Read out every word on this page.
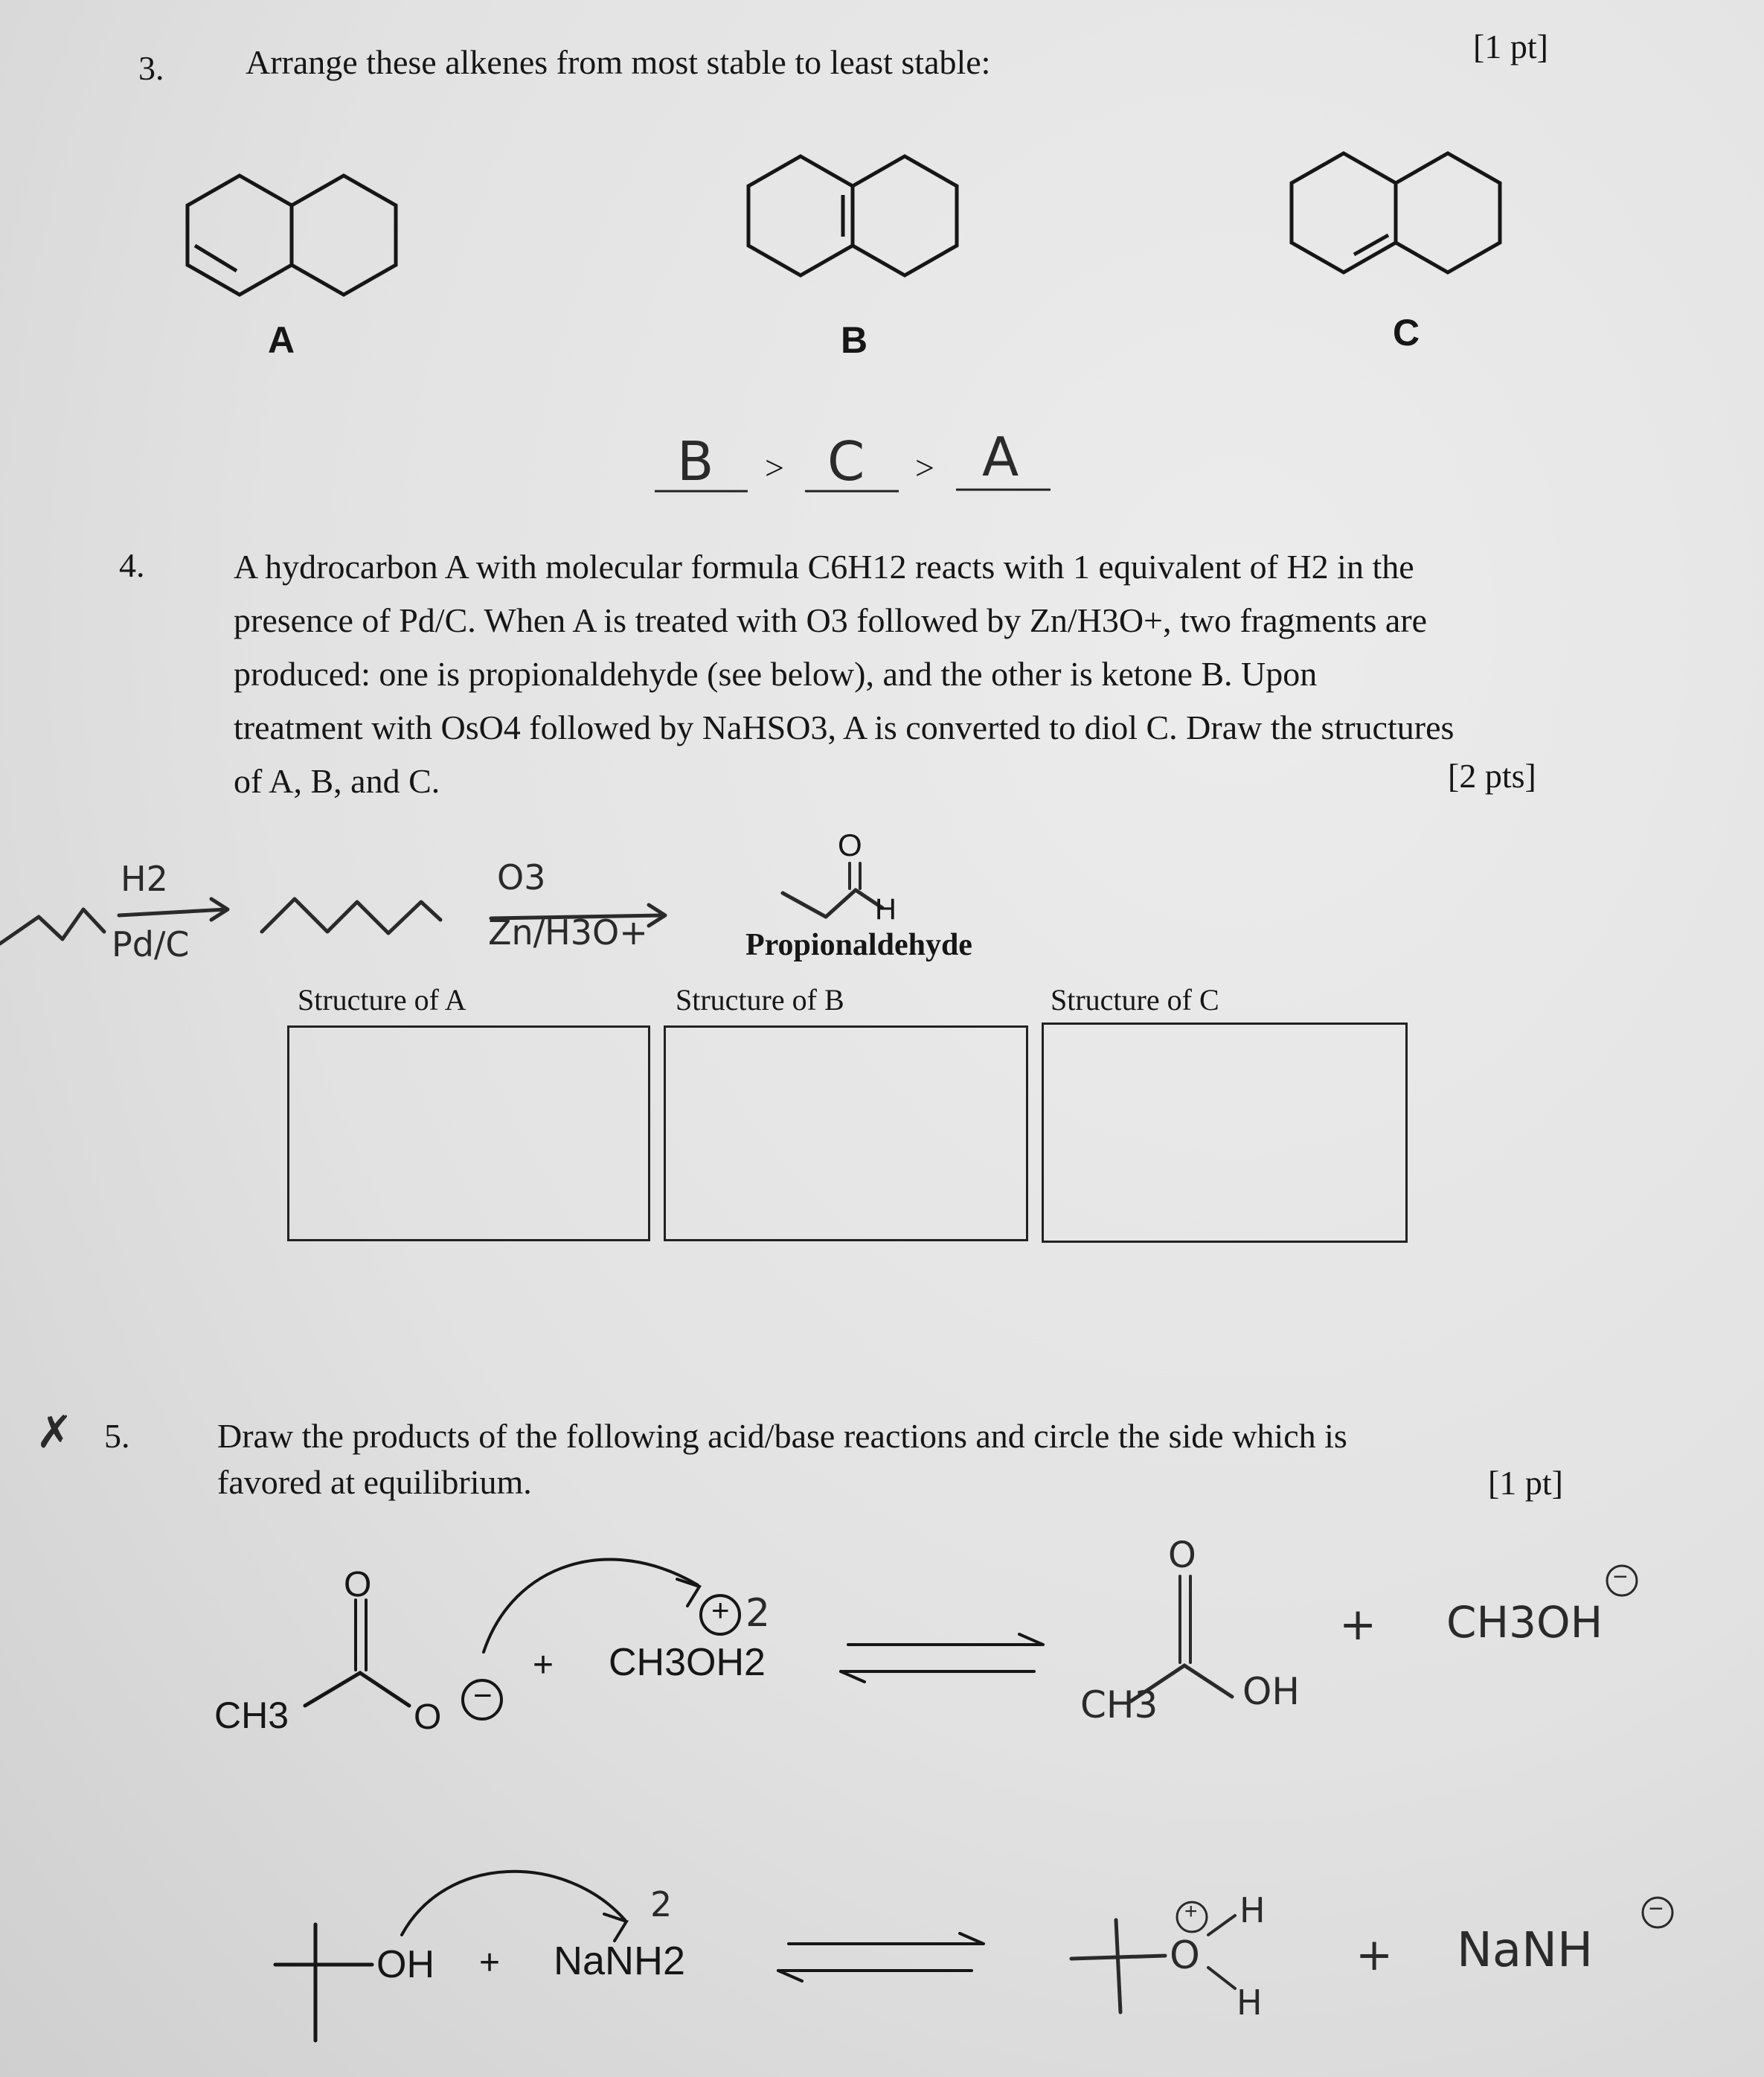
3. Arrange these alkenes from most stable to least stable:	[1 pt]
A	B	C
B > C > A
4.	A hydrocarbon A with molecular formula C6H12 reacts with 1 equivalent of H2 in the
presence of Pd/C. When A is treated with O3 followed by Zn/H3O+, two fragments are
produced: one is propionaldehyde (see below), and the other is ketone B. Upon
treatment with OsO4 followed by NaHSO3, A is converted to diol C. Draw the structures
of A, B, and C.	[2 pts]
H2
Pd/C
O3
Zn/H3O+
O
H
Propionaldehyde
Structure of A	Structure of B	Structure of C
✗ 5.	Draw the products of the following acid/base reactions and circle the side which is
favored at equilibrium.	[1 pt]
O
CH3	O
−
+ CH3OH2
+ 2
O
CH3 OH
+ CH3OH
−
OH + NaNH2
2
O
+ H
H
+ NaNH
−
